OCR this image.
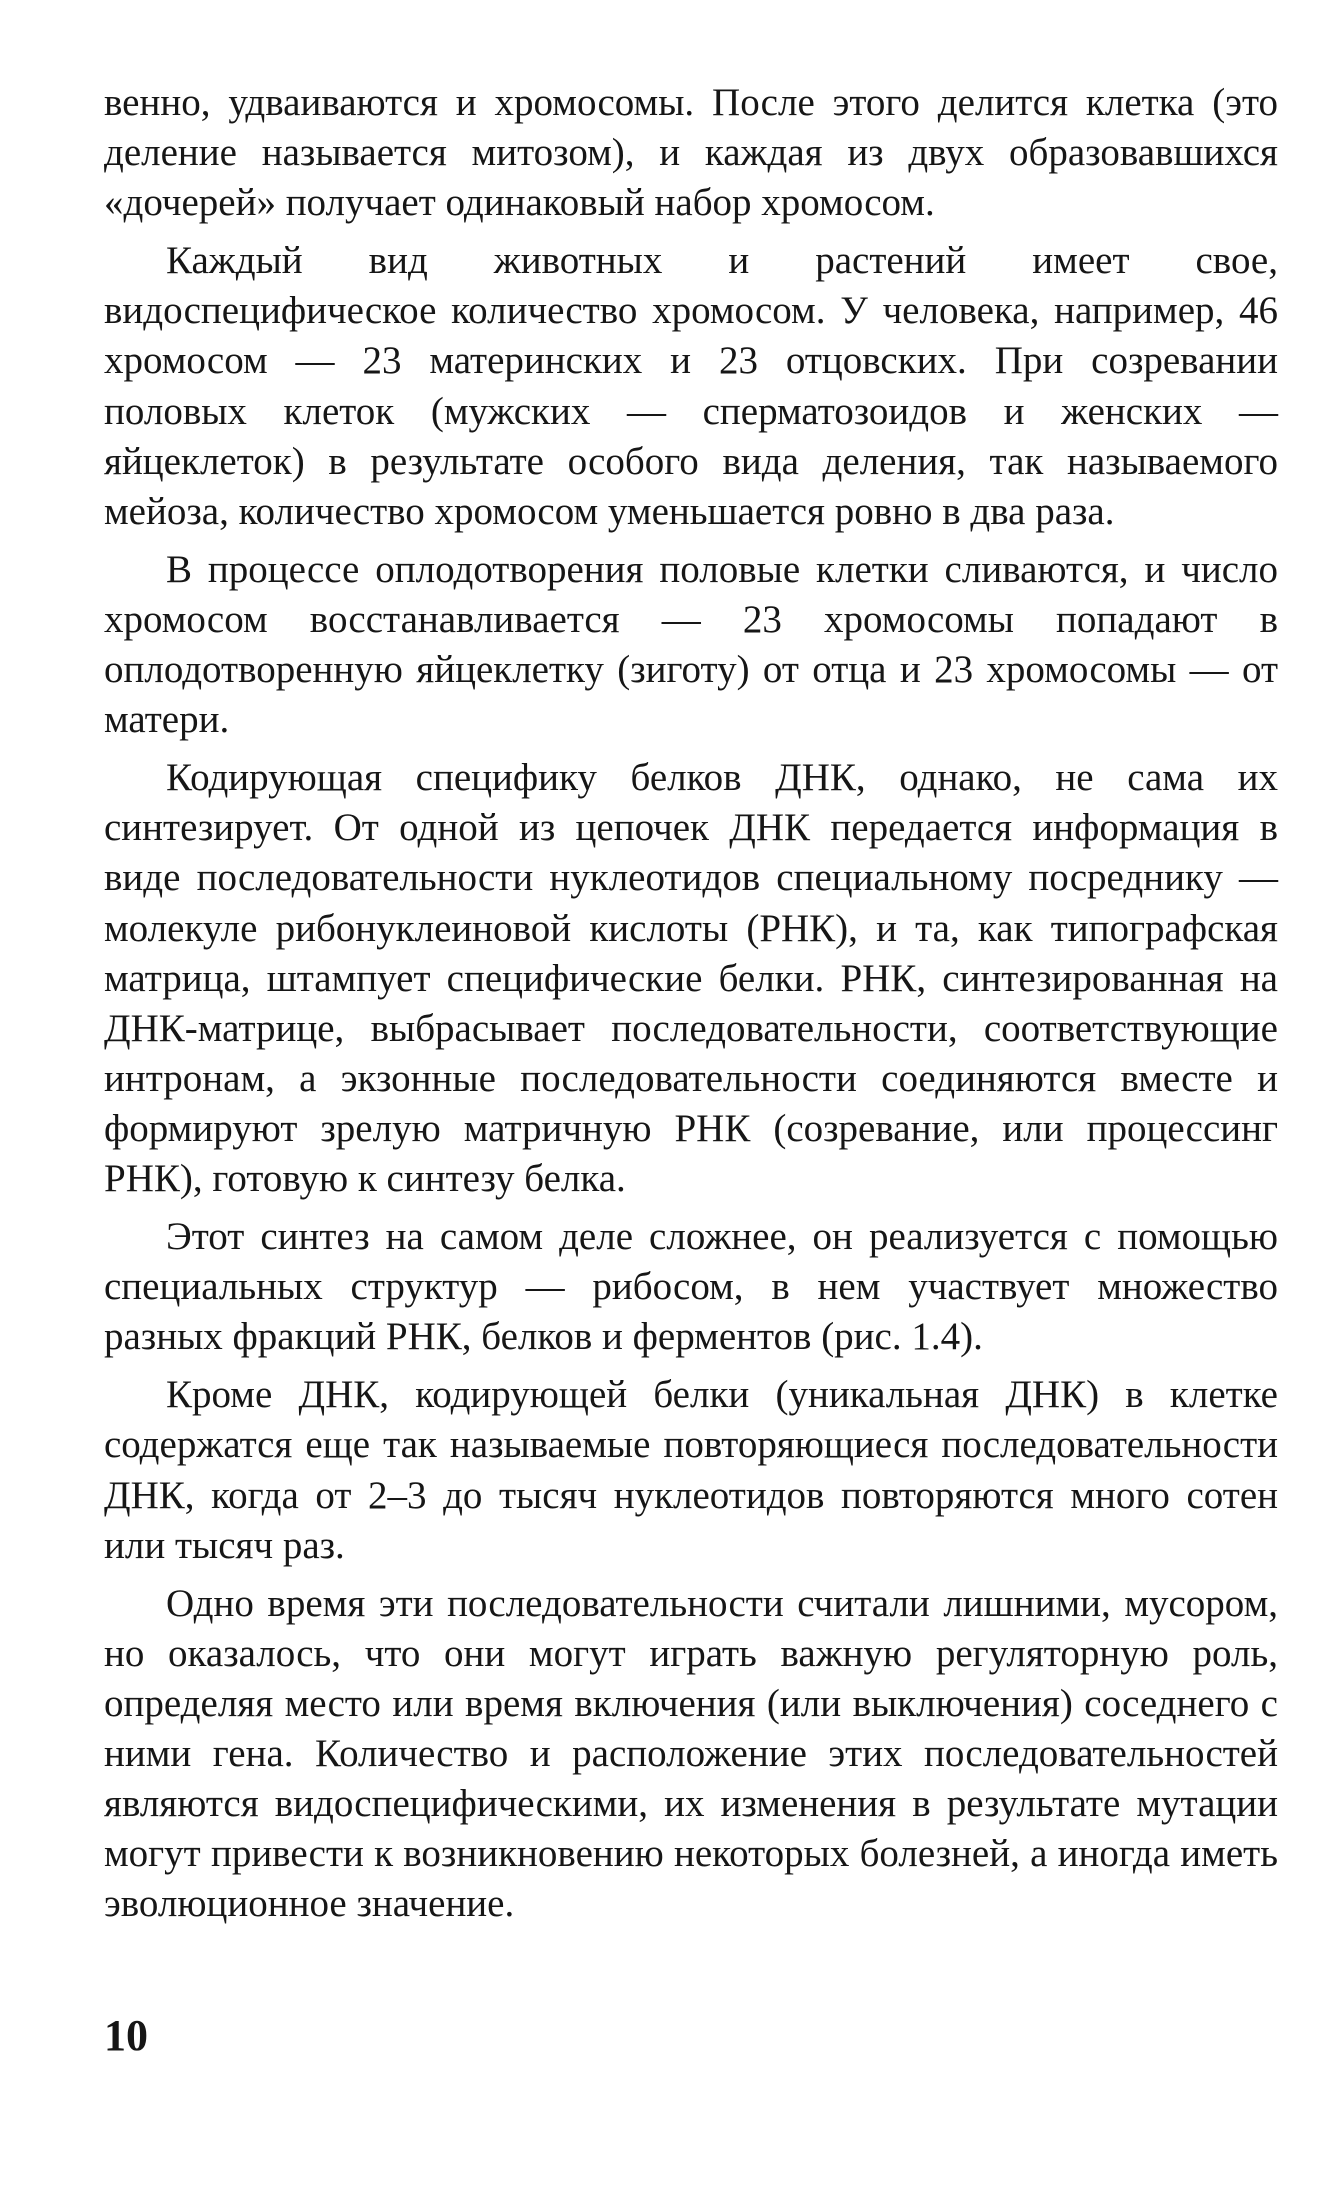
венно, удваиваются и хромосомы. После этого делится клетка (это деление называется митозом), и каждая из двух образовавшихся «дочерей» получает одинаковый набор хромосом.

Каждый вид животных и растений имеет свое, видоспецифическое количество хромосом. У человека, например, 46 хромосом — 23 материнских и 23 отцовских. При созревании половых клеток (мужских — сперматозоидов и женских — яйцеклеток) в результате особого вида деления, так называемого мейоза, количество хромосом уменьшается ровно в два раза.

В процессе оплодотворения половые клетки сливаются, и число хромосом восстанавливается — 23 хромосомы попадают в оплодотворенную яйцеклетку (зиготу) от отца и 23 хромосомы — от матери.

Кодирующая специфику белков ДНК, однако, не сама их синтезирует. От одной из цепочек ДНК передается информация в виде последовательности нуклеотидов специальному посреднику — молекуле рибонуклеиновой кислоты (РНК), и та, как типографская матрица, штампует специфические белки. РНК, синтезированная на ДНК-матрице, выбрасывает последовательности, соответствующие интронам, а экзонные последовательности соединяются вместе и формируют зрелую матричную РНК (созревание, или процессинг РНК), готовую к синтезу белка.

Этот синтез на самом деле сложнее, он реализуется с помощью специальных структур — рибосом, в нем участвует множество разных фракций РНК, белков и ферментов (рис. 1.4).

Кроме ДНК, кодирующей белки (уникальная ДНК) в клетке содержатся еще так называемые повторяющиеся последовательности ДНК, когда от 2–3 до тысяч нуклеотидов повторяются много сотен или тысяч раз.

Одно время эти последовательности считали лишними, мусором, но оказалось, что они могут играть важную регуляторную роль, определяя место или время включения (или выключения) соседнего с ними гена. Количество и расположение этих последовательностей являются видоспецифическими, их изменения в результате мутации могут привести к возникновению некоторых болезней, а иногда иметь эволюционное значение.

10
